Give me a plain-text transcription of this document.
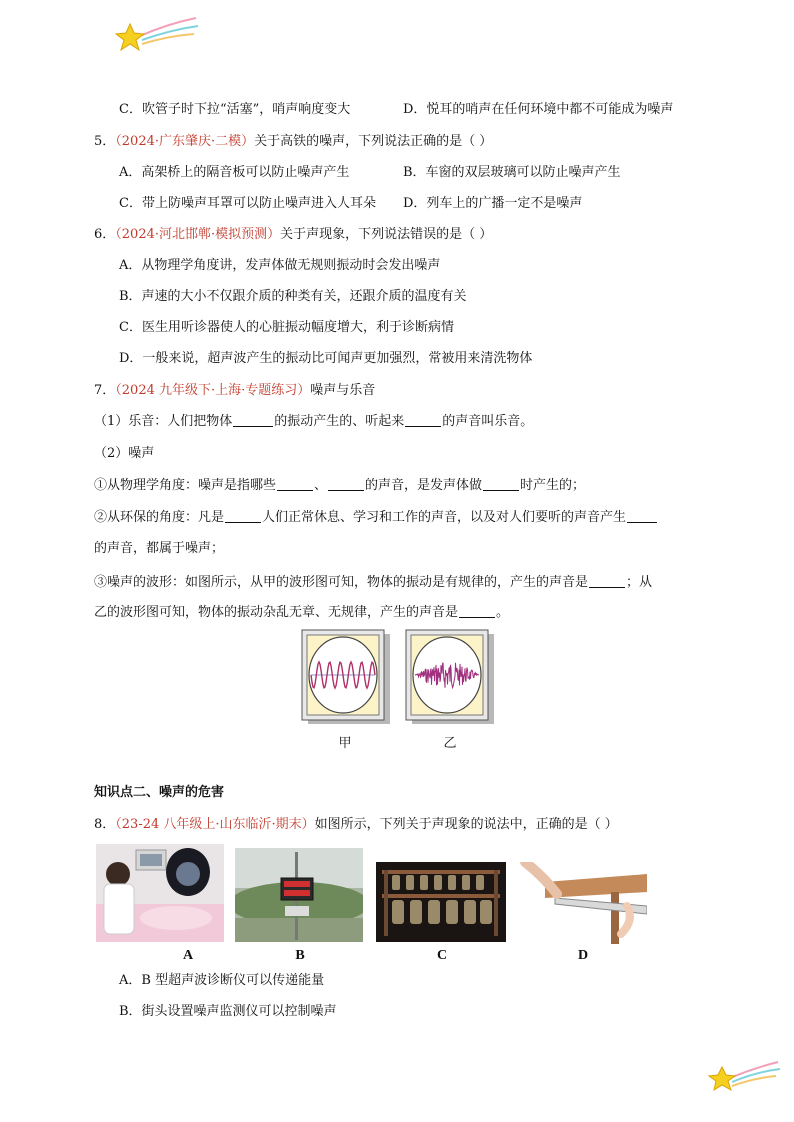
C．吹管子时下拉“活塞”，哨声响度变大	D．悦耳的哨声在任何环境中都不可能成为噪声
5．（2024·广东肇庆·二模）关于高铁的噪声，下列说法正确的是（ ）
A．高架桥上的隔音板可以防止噪声产生	B．车窗的双层玻璃可以防止噪声产生
C．带上防噪声耳罩可以防止噪声进入人耳朵 D．列车上的广播一定不是噪声
6．（2024·河北邯郸·模拟预测）关于声现象，下列说法错误的是（ ）
A．从物理学角度讲，发声体做无规则振动时会发出噪声
B．声速的大小不仅跟介质的种类有关，还跟介质的温度有关
C．医生用听诊器使人的心脏振动幅度增大，利于诊断病情
D．一般来说，超声波产生的振动比可闻声更加强烈，常被用来清洗物体
7．（2024 九年级下·上海·专题练习）噪声与乐音
（1）乐音：人们把物体	的振动产生的、听起来	的声音叫乐音。
（2）噪声
①从物理学角度：噪声是指哪些	、	的声音，是发声体做	时产生的；
②从环保的角度：凡是	人们正常休息、学习和工作的声音，以及对人们要听的声音产生
的声音，都属于噪声；
③噪声的波形：如图所示，从甲的波形图可知，物体的振动是有规律的，产生的声音是	；从
乙的波形图可知，物体的振动杂乱无章、无规律，产生的声音是	。
甲	乙
知识点二、噪声的危害
8．（23-24 八年级上·山东临沂·期末）如图所示，下列关于声现象的说法中，正确的是（ ）
A	B	C	D
A．B 型超声波诊断仪可以传递能量
B．街头设置噪声监测仪可以控制噪声
